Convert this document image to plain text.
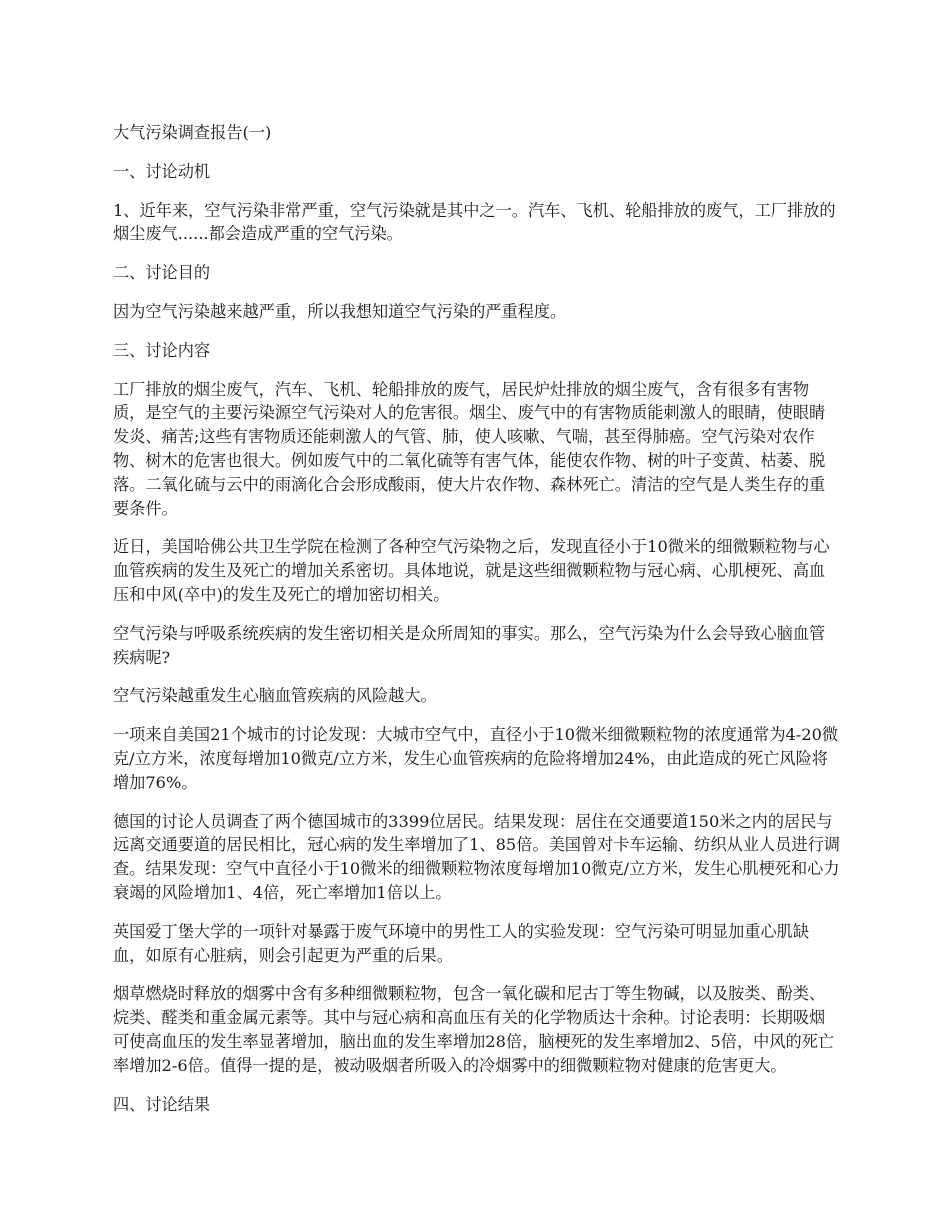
大气污染调查报告(一)

一、讨论动机

1、近年来，空气污染非常严重，空气污染就是其中之一。汽车、飞机、轮船排放的废气，工厂排放的烟尘废气......都会造成严重的空气污染。

二、讨论目的

因为空气污染越来越严重，所以我想知道空气污染的严重程度。

三、讨论内容

工厂排放的烟尘废气，汽车、飞机、轮船排放的废气，居民炉灶排放的烟尘废气，含有很多有害物质，是空气的主要污染源空气污染对人的危害很。烟尘、废气中的有害物质能刺激人的眼睛，使眼睛发炎、痛苦;这些有害物质还能刺激人的气管、肺，使人咳嗽、气喘，甚至得肺癌。空气污染对农作物、树木的危害也很大。例如废气中的二氧化硫等有害气体，能使农作物、树的叶子变黄、枯萎、脱落。二氧化硫与云中的雨滴化合会形成酸雨，使大片农作物、森林死亡。清洁的空气是人类生存的重要条件。

近日，美国哈佛公共卫生学院在检测了各种空气污染物之后，发现直径小于10微米的细微颗粒物与心血管疾病的发生及死亡的增加关系密切。具体地说，就是这些细微颗粒物与冠心病、心肌梗死、高血压和中风(卒中)的发生及死亡的增加密切相关。

空气污染与呼吸系统疾病的发生密切相关是众所周知的事实。那么，空气污染为什么会导致心脑血管疾病呢?

空气污染越重发生心脑血管疾病的风险越大。

一项来自美国21个城市的讨论发现：大城市空气中，直径小于10微米细微颗粒物的浓度通常为4-20微克/立方米，浓度每增加10微克/立方米，发生心血管疾病的危险将增加24%，由此造成的死亡风险将增加76%。

德国的讨论人员调查了两个德国城市的3399位居民。结果发现：居住在交通要道150米之内的居民与远离交通要道的居民相比，冠心病的发生率增加了1、85倍。美国曾对卡车运输、纺织从业人员进行调查。结果发现：空气中直径小于10微米的细微颗粒物浓度每增加10微克/立方米，发生心肌梗死和心力衰竭的风险增加1、4倍，死亡率增加1倍以上。

英国爱丁堡大学的一项针对暴露于废气环境中的男性工人的实验发现：空气污染可明显加重心肌缺血，如原有心脏病，则会引起更为严重的后果。

烟草燃烧时释放的烟雾中含有多种细微颗粒物，包含一氧化碳和尼古丁等生物碱，以及胺类、酚类、烷类、醛类和重金属元素等。其中与冠心病和高血压有关的化学物质达十余种。讨论表明：长期吸烟可使高血压的发生率显著增加，脑出血的发生率增加28倍，脑梗死的发生率增加2、5倍，中风的死亡率增加2-6倍。值得一提的是，被动吸烟者所吸入的冷烟雾中的细微颗粒物对健康的危害更大。

四、讨论结果
